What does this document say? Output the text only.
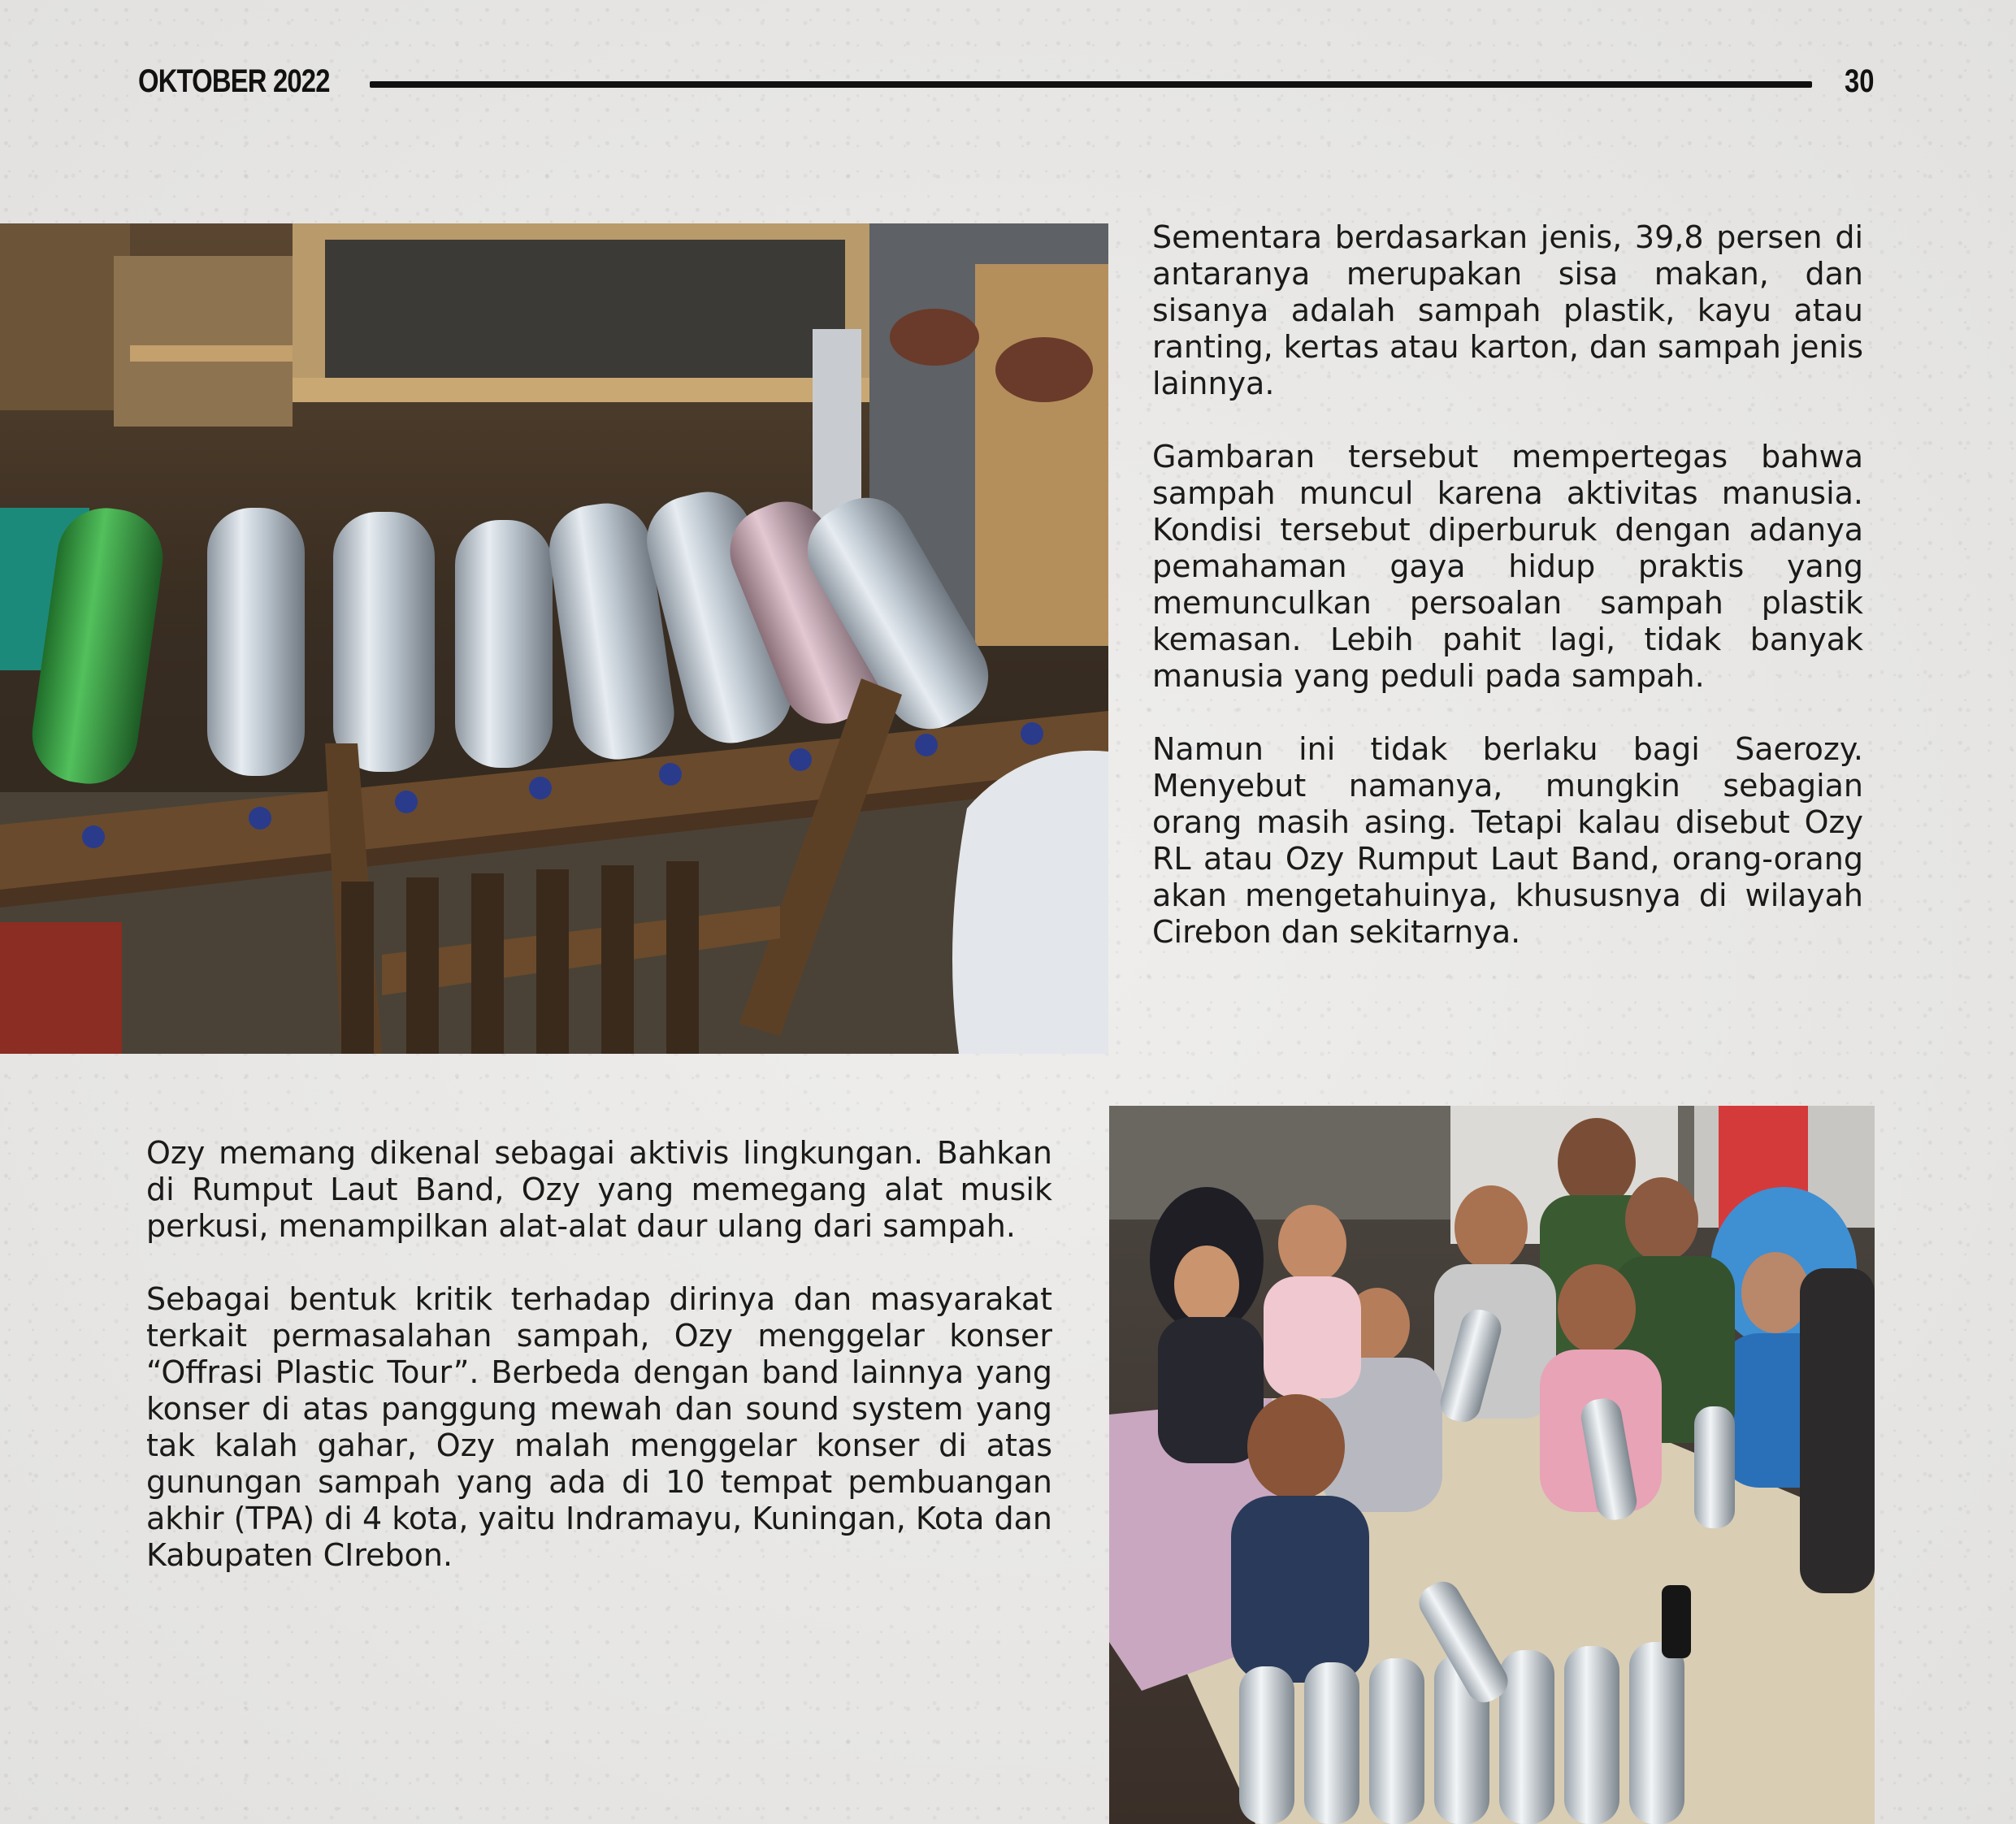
OKTOBER 2022	30

Sementara berdasarkan jenis, 39,8 persen di antaranya merupakan sisa makan, dan sisanya adalah sampah plastik, kayu atau ranting, kertas atau karton, dan sampah jenis lainnya.

Gambaran tersebut mempertegas bahwa sampah muncul karena aktivitas manusia. Kondisi tersebut diperburuk dengan adanya pemahaman gaya hidup praktis yang memunculkan persoalan sampah plastik kemasan. Lebih pahit lagi, tidak banyak manusia yang peduli pada sampah.

Namun ini tidak berlaku bagi Saerozy. Menyebut namanya, mungkin sebagian orang masih asing. Tetapi kalau disebut Ozy RL atau Ozy Rumput Laut Band, orang-orang akan mengetahuinya, khususnya di wilayah Cirebon dan sekitarnya.

Ozy memang dikenal sebagai aktivis lingkungan. Bahkan di Rumput Laut Band, Ozy yang memegang alat musik perkusi, menampilkan alat-alat daur ulang dari sampah.

Sebagai bentuk kritik terhadap dirinya dan masyarakat terkait permasalahan sampah, Ozy menggelar konser “Offrasi Plastic Tour”. Berbeda dengan band lainnya yang konser di atas panggung mewah dan sound system yang tak kalah gahar, Ozy malah menggelar konser di atas gunungan sampah yang ada di 10 tempat pembuangan akhir (TPA) di 4 kota, yaitu Indramayu, Kuningan, Kota dan Kabupaten CIrebon.
